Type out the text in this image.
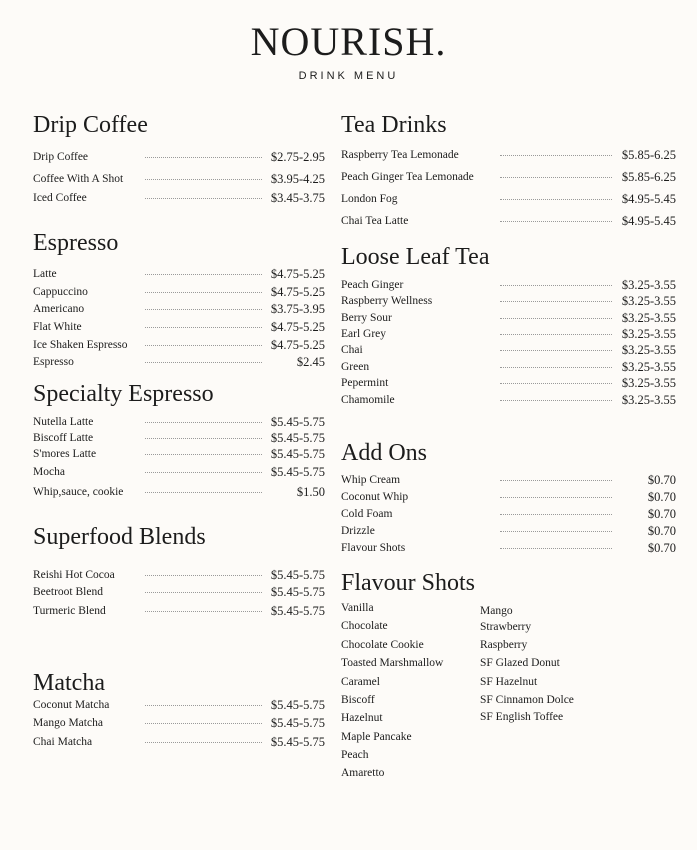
NOURISH.
DRINK MENU
Drip Coffee
Drip Coffee	$2.75-2.95
Coffee With A Shot	$3.95-4.25
Iced Coffee	$3.45-3.75
Espresso
Latte	$4.75-5.25
Cappuccino	$4.75-5.25
Americano	$3.75-3.95
Flat White	$4.75-5.25
Ice Shaken Espresso	$4.75-5.25
Espresso	$2.45
Specialty Espresso
Nutella Latte	$5.45-5.75
Biscoff Latte	$5.45-5.75
S'mores Latte	$5.45-5.75
Mocha	$5.45-5.75
Whip,sauce, cookie	$1.50
Superfood Blends
Reishi Hot Cocoa	$5.45-5.75
Beetroot Blend	$5.45-5.75
Turmeric Blend	$5.45-5.75
Matcha
Coconut Matcha	$5.45-5.75
Mango Matcha	$5.45-5.75
Chai Matcha	$5.45-5.75
Tea Drinks
Raspberry Tea Lemonade	$5.85-6.25
Peach Ginger Tea Lemonade	$5.85-6.25
London Fog	$4.95-5.45
Chai Tea Latte	$4.95-5.45
Loose Leaf Tea
Peach Ginger	$3.25-3.55
Raspberry Wellness	$3.25-3.55
Berry Sour	$3.25-3.55
Earl Grey	$3.25-3.55
Chai	$3.25-3.55
Green	$3.25-3.55
Pepermint	$3.25-3.55
Chamomile	$3.25-3.55
Add Ons
Whip Cream	$0.70
Coconut Whip	$0.70
Cold Foam	$0.70
Drizzle	$0.70
Flavour Shots	$0.70
Flavour Shots
Vanilla
Chocolate
Chocolate Cookie
Toasted Marshmallow
Caramel
Biscoff
Hazelnut
Maple Pancake
Peach
Amaretto
Mango
Strawberry
Raspberry
SF Glazed Donut
SF Hazelnut
SF Cinnamon Dolce
SF English Toffee
